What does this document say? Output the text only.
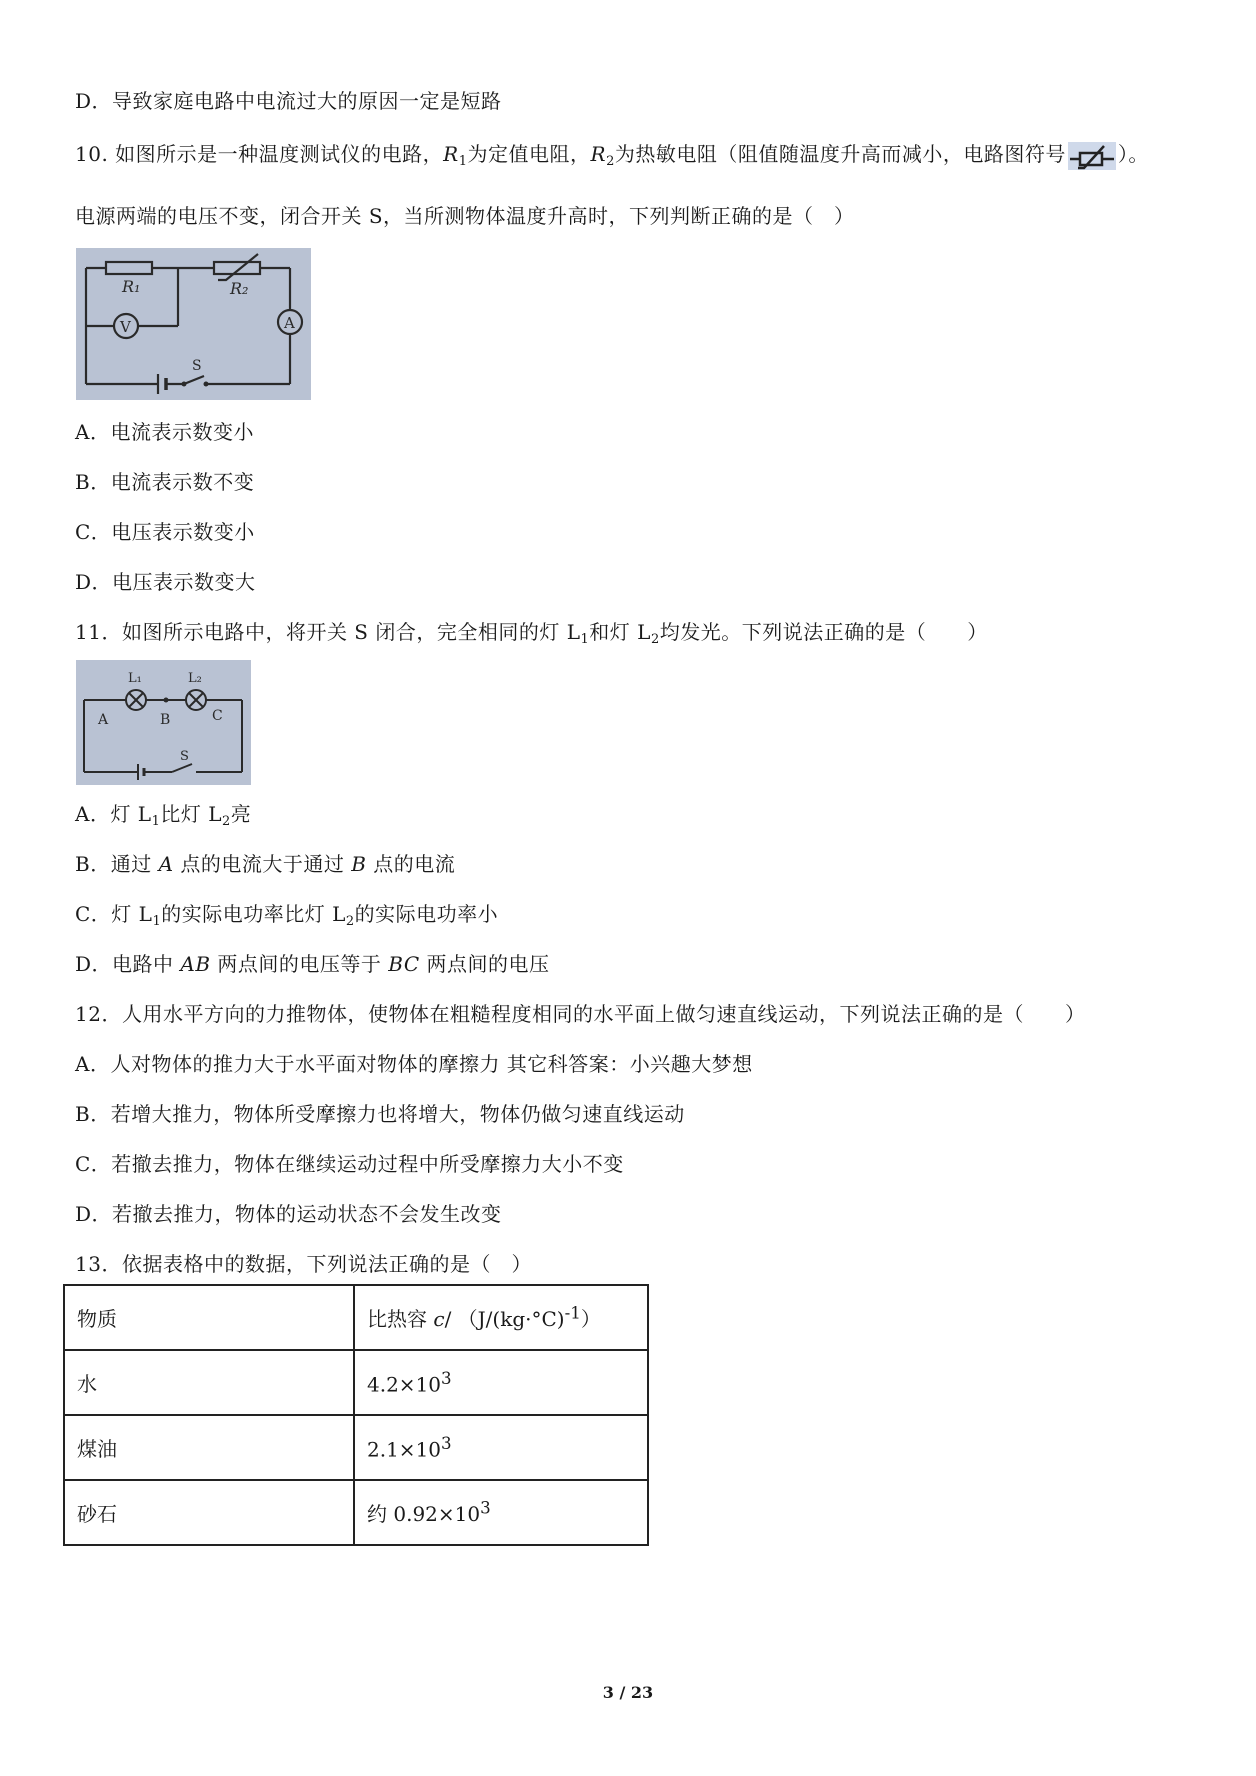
D．导致家庭电路中电流过大的原因一定是短路
10. 如图所示是一种温度测试仪的电路，$R_1$为定值电阻，$R_2$为热敏电阻（阻值随温度升高而减小，电路图符号	）。
电源两端的电压不变，闭合开关 S，当所测物体温度升高时，下列判断正确的是（　）
R₁	R₂
V	A
S
A．电流表示数变小
B．电流表示数不变
C．电压表示数变小
D．电压表示数变大
11．如图所示电路中，将开关 S 闭合，完全相同的灯 $L_1$和灯 $L_2$均发光。下列说法正确的是（　　）
L₁	L₂
A	B	C
S
A．灯 $L_1$比灯 $L_2$亮
B．通过 A 点的电流大于通过 B 点的电流
C．灯 $L_1$的实际电功率比灯 $L_2$的实际电功率小
D．电路中 AB 两点间的电压等于 BC 两点间的电压
12．人用水平方向的力推物体，使物体在粗糙程度相同的水平面上做匀速直线运动，下列说法正确的是（　　）
A．人对物体的推力大于水平面对物体的摩擦力 其它科答案：小兴趣大梦想
B．若增大推力，物体所受摩擦力也将增大，物体仍做匀速直线运动
C．若撤去推力，物体在继续运动过程中所受摩擦力大小不变
D．若撤去推力，物体的运动状态不会发生改变
13．依据表格中的数据，下列说法正确的是（　）
物质	比热容 c/ $(J/(kg\cdot^\circ C)^{-1})$
水	$4.2\times 10^3$
煤油	$2.1\times 10^3$
砂石	约 $0.92\times 10^3$
3 / 23
